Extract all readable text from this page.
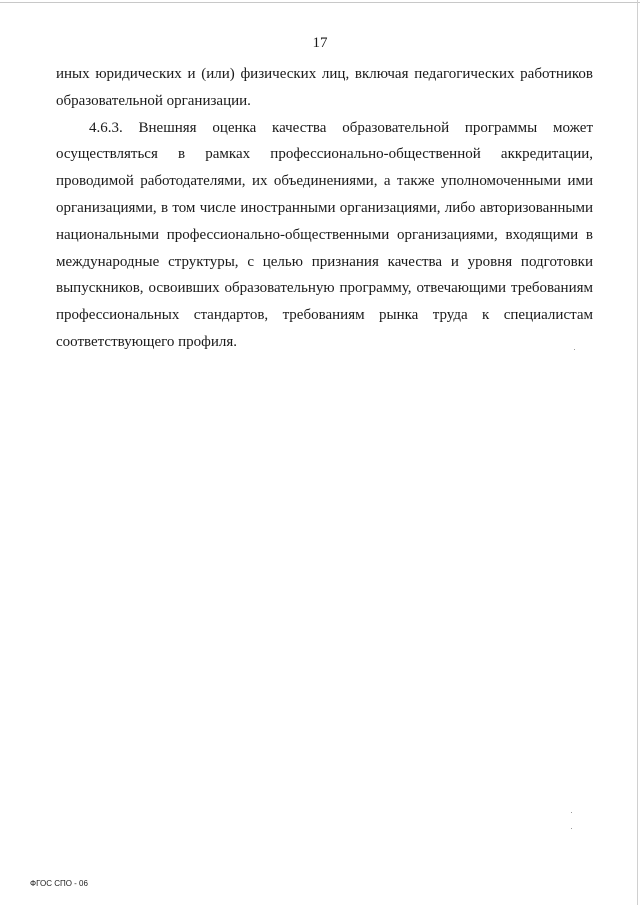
17

иных юридических и (или) физических лиц, включая педагогических работников
образовательной организации.

4.6.3. Внешняя оценка качества образовательной программы может
осуществляться в рамках профессионально-общественной аккредитации,
проводимой работодателями, их объединениями, а также уполномоченными ими
организациями, в том числе иностранными организациями, либо авторизованными
национальными профессионально-общественными организациями, входящими в
международные структуры, с целью признания качества и уровня подготовки
выпускников, освоивших образовательную программу, отвечающими требованиям
профессиональных стандартов, требованиям рынка труда к специалистам
соответствующего профиля.

ФГОС СПО - 06
